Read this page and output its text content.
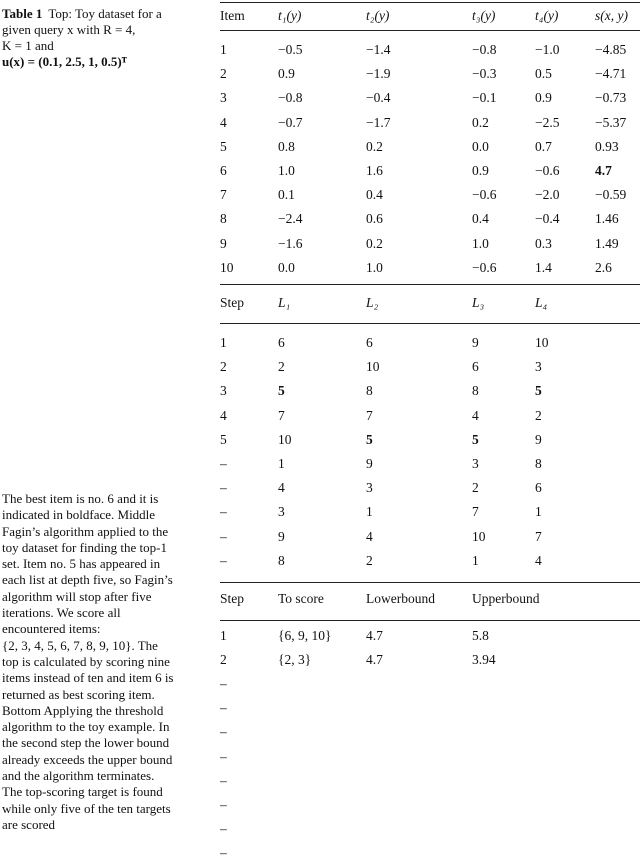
Table 1 Top: Toy dataset for a
given query x with R = 4,
K = 1 and
u(x) = (0.1, 2.5, 1, 0.5)ᵀ
The best item is no. 6 and it is
indicated in boldface. Middle
Fagin’s algorithm applied to the
toy dataset for finding the top-1
set. Item no. 5 has appeared in
each list at depth five, so Fagin’s
algorithm will stop after five
iterations. We score all
encountered items:
{2, 3, 4, 5, 6, 7, 8, 9, 10}. The
top is calculated by scoring nine
items instead of ten and item 6 is
returned as best scoring item.
Bottom Applying the threshold
algorithm to the toy example. In
the second step the lower bound
already exceeds the upper bound
and the algorithm terminates.
The top-scoring target is found
while only five of the ten targets
are scored
Item	t₁(y)	t₂(y)	t₃(y)	t₄(y)	s(x, y)
1	−0.5	−1.4	−0.8	−1.0	−4.85
2	0.9	−1.9	−0.3	0.5	−4.71
3	−0.8	−0.4	−0.1	0.9	−0.73
4	−0.7	−1.7	0.2	−2.5	−5.37
5	0.8	0.2	0.0	0.7	0.93
6	1.0	1.6	0.9	−0.6	4.7
7	0.1	0.4	−0.6	−2.0	−0.59
8	−2.4	0.6	0.4	−0.4	1.46
9	−1.6	0.2	1.0	0.3	1.49
10	0.0	1.0	−0.6	1.4	2.6
Step	L₁	L₂	L₃	L₄	
1	6	6	9	10	
2	2	10	6	3	
3	5	8	8	5	
4	7	7	4	2	
5	10	5	5	9	
–	1	9	3	8	
–	4	3	2	6	
–	3	1	7	1	
–	9	4	10	7	
–	8	2	1	4	
Step	To score	Lowerbound	Upperbound
1	{6, 9, 10}	4.7	5.8
2	{2, 3}	4.7	3.94
–
–
–
–
–
–
–
–
